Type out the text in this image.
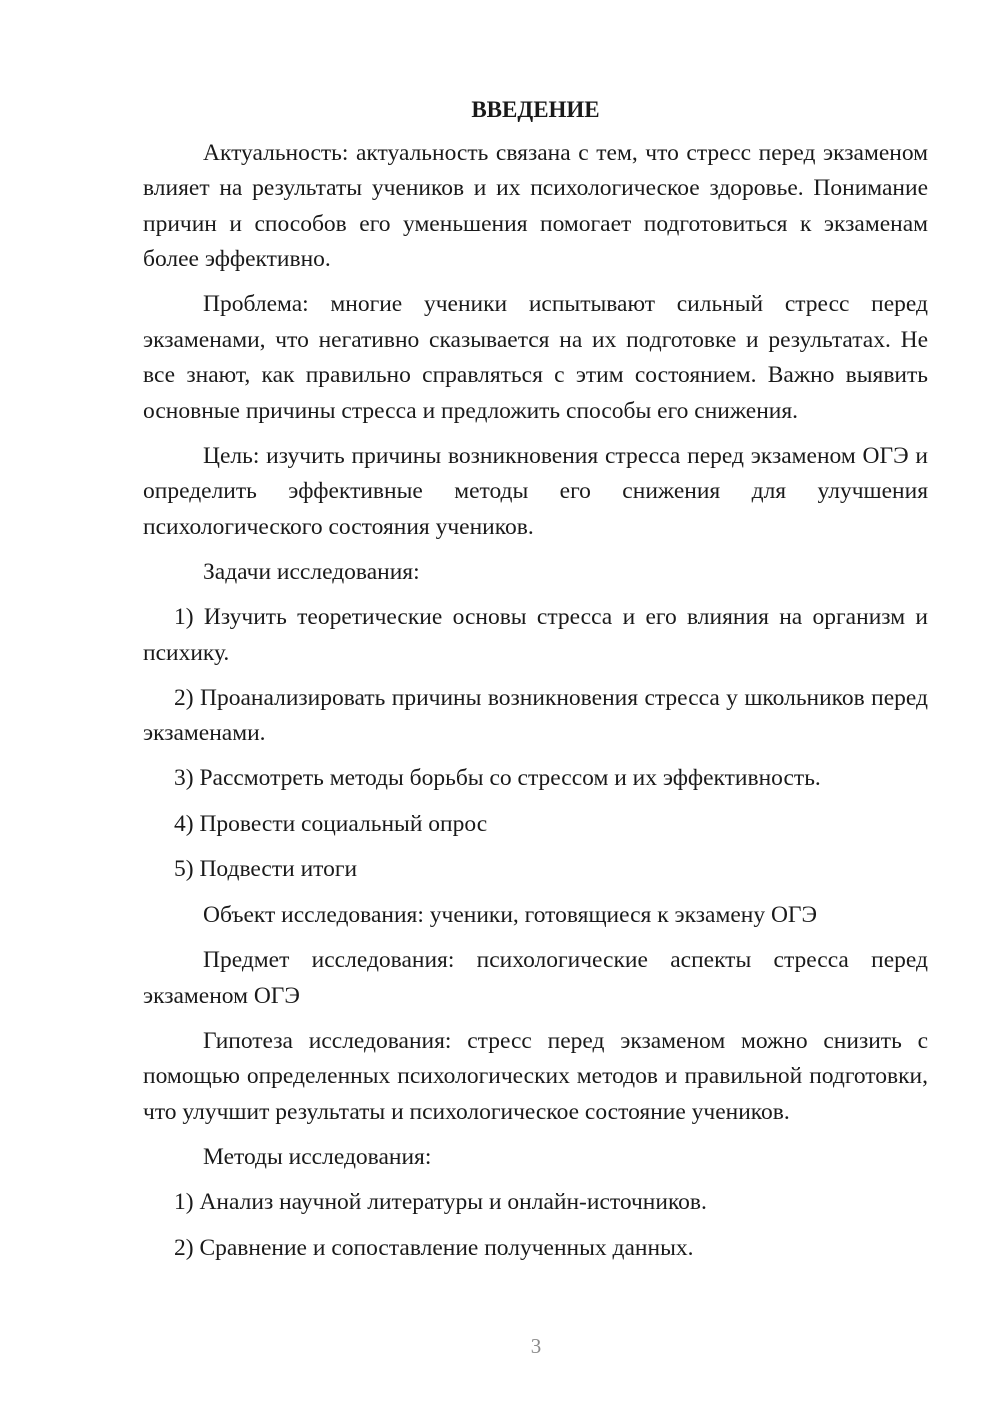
ВВЕДЕНИЕ

Актуальность: актуальность связана с тем, что стресс перед экзаменом влияет на результаты учеников и их психологическое здоровье. Понимание причин и способов его уменьшения помогает подготовиться к экзаменам более эффективно.

Проблема: многие ученики испытывают сильный стресс перед экзаменами, что негативно сказывается на их подготовке и результатах. Не все знают, как правильно справляться с этим состоянием. Важно выявить основные причины стресса и предложить способы его снижения.

Цель: изучить причины возникновения стресса перед экзаменом ОГЭ и определить эффективные методы его снижения для улучшения психологического состояния учеников.

Задачи исследования:

1) Изучить теоретические основы стресса и его влияния на организм и психику.

2) Проанализировать причины возникновения стресса у школьников перед экзаменами.

3) Рассмотреть методы борьбы со стрессом и их эффективность.

4) Провести социальный опрос

5) Подвести итоги

Объект исследования: ученики, готовящиеся к экзамену ОГЭ

Предмет исследования: психологические аспекты стресса перед экзаменом ОГЭ

Гипотеза исследования: стресс перед экзаменом можно снизить с помощью определенных психологических методов и правильной подготовки, что улучшит результаты и психологическое состояние учеников.

Методы исследования:

1) Анализ научной литературы и онлайн-источников.

2) Сравнение и сопоставление полученных данных.

3
